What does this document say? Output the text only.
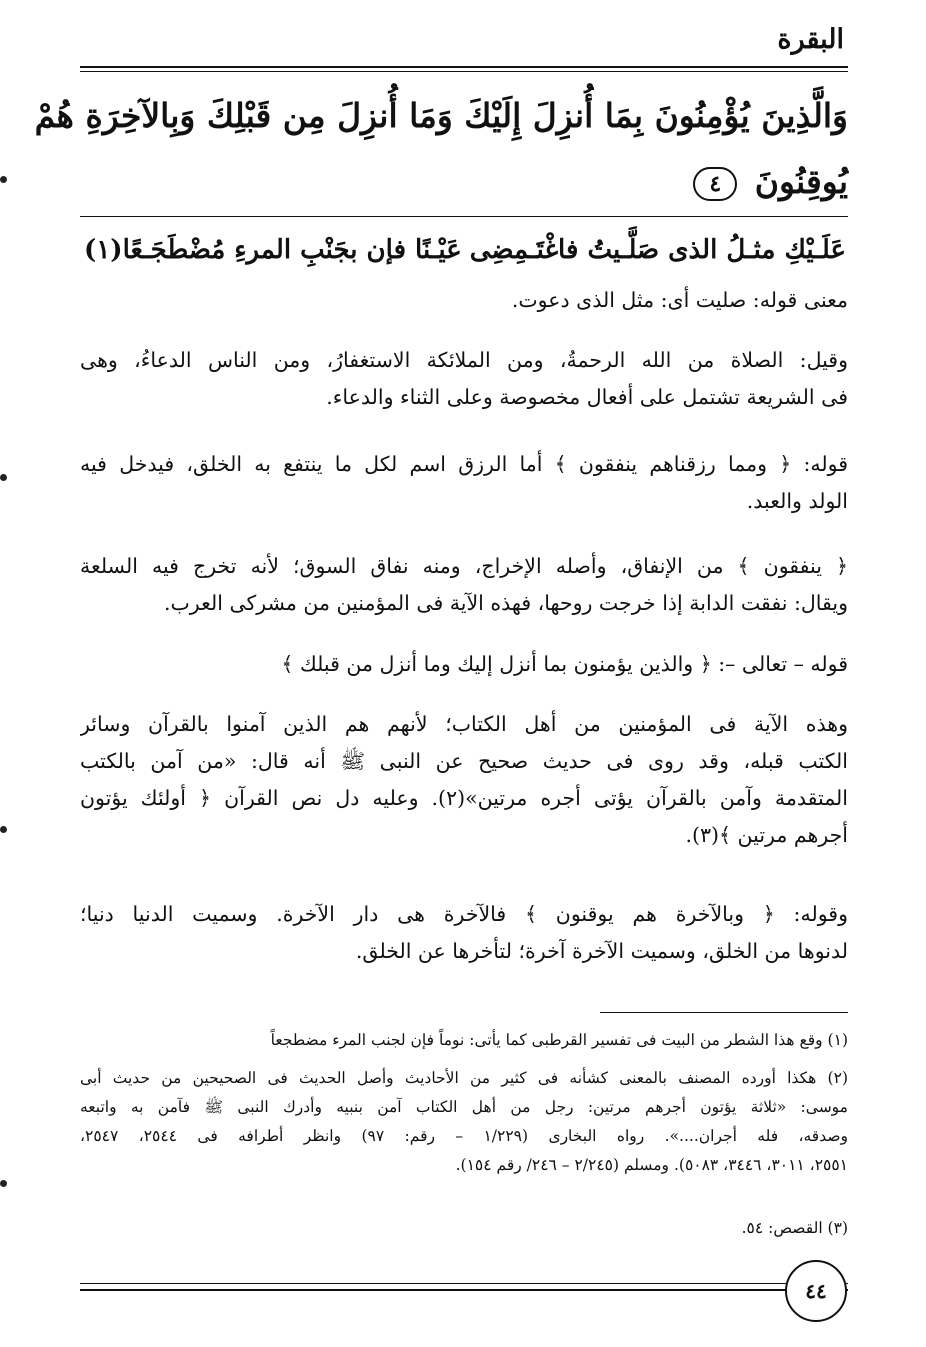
البقرة
وَالَّذِينَ يُؤْمِنُونَ بِمَا أُنزِلَ إِلَيْكَ وَمَا أُنزِلَ مِن قَبْلِكَ وَبِالآخِرَةِ هُمْ
يُوقِنُونَ ٤
عَلَـيْكِ مثـلُ الذى صَلَّـيتُ فاغْتَـمِضِى
عَيْـنًا فإن بجَنْبِ المرءِ مُضْطَجَـعًا(١)
معنى قوله: صليت أى: مثل الذى دعوت.
وقيل: الصلاة من الله الرحمةُ، ومن الملائكة الاستغفارُ، ومن الناس الدعاءُ، وهى
فى الشريعة تشتمل على أفعال مخصوصة وعلى الثناء والدعاء.
قوله: ﴿ ومما رزقناهم ينفقون ﴾ أما الرزق اسم لكل ما ينتفع به الخلق، فيدخل فيه
الولد والعبد.
﴿ ينفقون ﴾ من الإنفاق، وأصله الإخراج، ومنه نفاق السوق؛ لأنه تخرج فيه السلعة
ويقال: نفقت الدابة إذا خرجت روحها، فهذه الآية فى المؤمنين من مشركى العرب.
قوله – تعالى –: ﴿ والذين يؤمنون بما أنزل إليك وما أنزل من قبلك ﴾
وهذه الآية فى المؤمنين من أهل الكتاب؛ لأنهم هم الذين آمنوا بالقرآن وسائر
الكتب قبله، وقد روى فى حديث صحيح عن النبى ﷺ أنه قال: «من آمن بالكتب
المتقدمة وآمن بالقرآن يؤتى أجره مرتين»(٢). وعليه دل نص القرآن ﴿ أولئك يؤتون
أجرهم مرتين ﴾(٣).
وقوله: ﴿ وبالآخرة هم يوقنون ﴾ فالآخرة هى دار الآخرة. وسميت الدنيا دنيا؛
لدنوها من الخلق، وسميت الآخرة آخرة؛ لتأخرها عن الخلق.
(١) وقع هذا الشطر من البيت فى تفسير القرطبى كما يأتى: نوماً فإن لجنب المرء مضطجعاً
(٢) هكذا أورده المصنف بالمعنى كشأنه فى كثير من الأحاديث وأصل الحديث فى الصحيحين من حديث أبى
موسى: «ثلاثة يؤتون أجرهم مرتين: رجل من أهل الكتاب آمن بنبيه وأدرك النبى ﷺ فآمن به واتبعه
وصدقه، فله أجران....». رواه البخارى (١/٢٢٩ – رقم: ٩٧) وانظر أطرافه فى ٢٥٤٤، ٢٥٤٧،
٢٥٥١، ٣٠١١، ٣٤٤٦، ٥٠٨٣). ومسلم (٢/٢٤٥ – ٢٤٦/ رقم ١٥٤).
(٣) القصص: ٥٤.
٤٤
